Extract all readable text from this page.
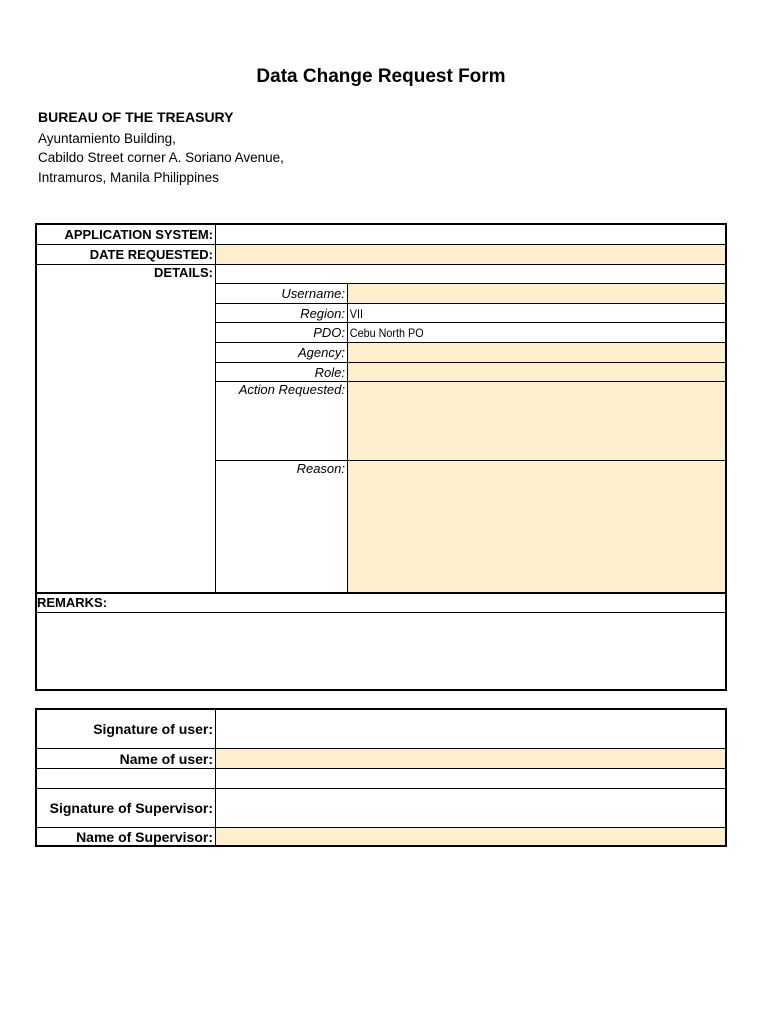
Data Change Request Form
BUREAU OF THE TREASURY
Ayuntamiento Building,
Cabildo Street corner A. Soriano Avenue,
Intramuros, Manila Philippines
APPLICATION SYSTEM:
DATE REQUESTED:
DETAILS:
Username:
Region: VII
PDO: Cebu North PO
Agency:
Role:
Action Requested:
Reason:
REMARKS:
Signature of user:
Name of user:
Signature of Supervisor:
Name of Supervisor:
